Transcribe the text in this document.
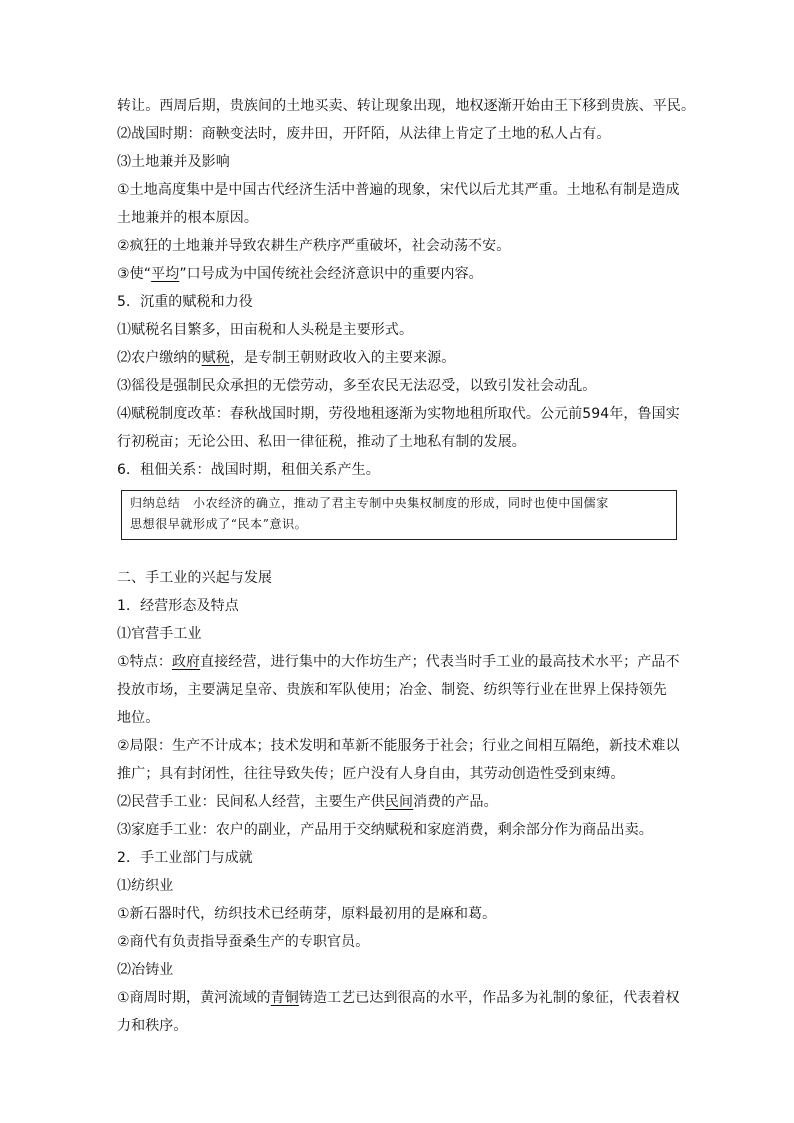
转让。西周后期，贵族间的土地买卖、转让现象出现，地权逐渐开始由王下移到贵族、平民。
⑵战国时期：商鞅变法时，废井田，开阡陌，从法律上肯定了土地的私人占有。
⑶土地兼并及影响
①土地高度集中是中国古代经济生活中普遍的现象，宋代以后尤其严重。土地私有制是造成
土地兼并的根本原因。
②疯狂的土地兼并导致农耕生产秩序严重破坏，社会动荡不安。
③使“平均”口号成为中国传统社会经济意识中的重要内容。
5．沉重的赋税和力役
⑴赋税名目繁多，田亩税和人头税是主要形式。
⑵农户缴纳的赋税，是专制王朝财政收入的主要来源。
⑶徭役是强制民众承担的无偿劳动，多至农民无法忍受，以致引发社会动乱。
⑷赋税制度改革：春秋战国时期，劳役地租逐渐为实物地租所取代。公元前594年，鲁国实
行初税亩；无论公田、私田一律征税，推动了土地私有制的发展。
6．租佃关系：战国时期，租佃关系产生。
归纳总结　小农经济的确立，推动了君主专制中央集权制度的形成，同时也使中国儒家
思想很早就形成了“民本”意识。
二、手工业的兴起与发展
1．经营形态及特点
⑴官营手工业
①特点：政府直接经营，进行集中的大作坊生产；代表当时手工业的最高技术水平；产品不
投放市场，主要满足皇帝、贵族和军队使用；冶金、制瓷、纺织等行业在世界上保持领先
地位。
②局限：生产不计成本；技术发明和革新不能服务于社会；行业之间相互隔绝，新技术难以
推广；具有封闭性，往往导致失传；匠户没有人身自由，其劳动创造性受到束缚。
⑵民营手工业：民间私人经营，主要生产供民间消费的产品。
⑶家庭手工业：农户的副业，产品用于交纳赋税和家庭消费，剩余部分作为商品出卖。
2．手工业部门与成就
⑴纺织业
①新石器时代，纺织技术已经萌芽，原料最初用的是麻和葛。
②商代有负责指导蚕桑生产的专职官员。
⑵冶铸业
①商周时期，黄河流域的青铜铸造工艺已达到很高的水平，作品多为礼制的象征，代表着权
力和秩序。
